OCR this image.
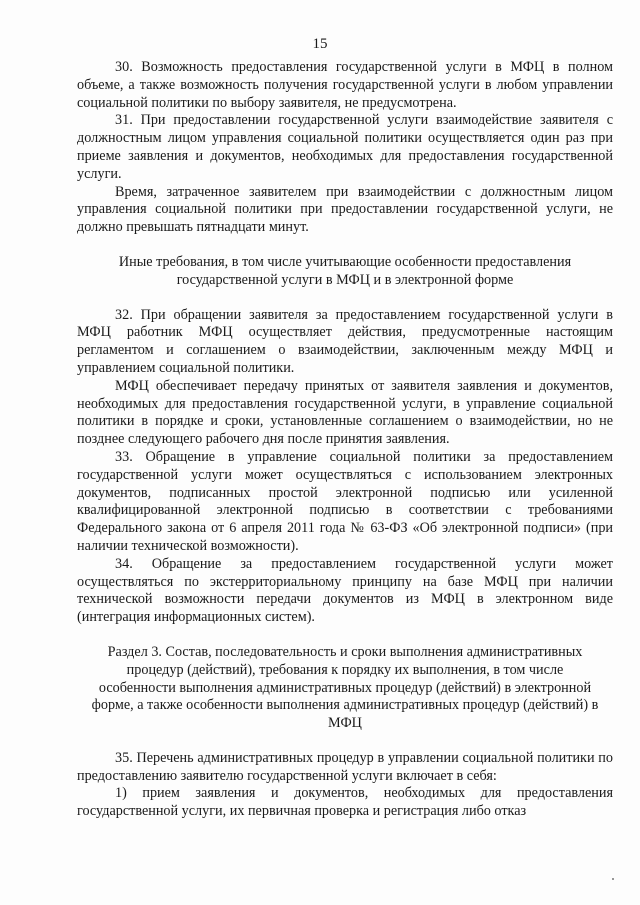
15

30. Возможность предоставления государственной услуги в МФЦ в полном объеме, а также возможность получения государственной услуги в любом управлении социальной политики по выбору заявителя, не предусмотрена.

31. При предоставлении государственной услуги взаимодействие заявителя с должностным лицом управления социальной политики осуществляется один раз при приеме заявления и документов, необходимых для предоставления государственной услуги.

Время, затраченное заявителем при взаимодействии с должностным лицом управления социальной политики при предоставлении государственной услуги, не должно превышать пятнадцати минут.

Иные требования, в том числе учитывающие особенности предоставления государственной услуги в МФЦ и в электронной форме

32. При обращении заявителя за предоставлением государственной услуги в МФЦ работник МФЦ осуществляет действия, предусмотренные настоящим регламентом и соглашением о взаимодействии, заключенным между МФЦ и управлением социальной политики.

МФЦ обеспечивает передачу принятых от заявителя заявления и документов, необходимых для предоставления государственной услуги, в управление социальной политики в порядке и сроки, установленные соглашением о взаимодействии, но не позднее следующего рабочего дня после принятия заявления.

33. Обращение в управление социальной политики за предоставлением государственной услуги может осуществляться с использованием электронных документов, подписанных простой электронной подписью или усиленной квалифицированной электронной подписью в соответствии с требованиями Федерального закона от 6 апреля 2011 года № 63-ФЗ «Об электронной подписи» (при наличии технической возможности).

34. Обращение за предоставлением государственной услуги может осуществляться по экстерриториальному принципу на базе МФЦ при наличии технической возможности передачи документов из МФЦ в электронном виде (интеграция информационных систем).

Раздел 3. Состав, последовательность и сроки выполнения административных процедур (действий), требования к порядку их выполнения, в том числе особенности выполнения административных процедур (действий) в электронной форме, а также особенности выполнения административных процедур (действий) в МФЦ

35. Перечень административных процедур в управлении социальной политики по предоставлению заявителю государственной услуги включает в себя:

1) прием заявления и документов, необходимых для предоставления государственной услуги, их первичная проверка и регистрация либо отказ
